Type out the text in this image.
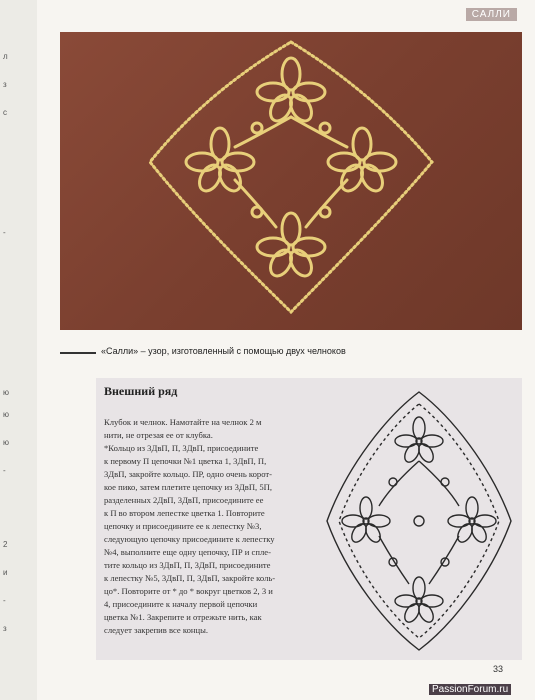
л
з
с
-
ю
ю
ю
-
2
и
-
з
САЛЛИ
«Салли» – узор, изготовленный с помощью двух челноков
Внешний ряд
Клубок и челнок. Намотайте на челнок 2 м
нити, не отрезая ее от клубка.
*Кольцо из 3ДвП, П, 3ДвП, присоедините
к первому П цепочки №1 цветка 1, 3ДвП, П,
3ДвП, закройте кольцо. ПР, одно очень корот-
кое пико, затем плетите цепочку из 3ДвП, 5П,
разделенных 2ДвП, 3ДвП, присоедините ее
к П во втором лепестке цветка 1. Повторите
цепочку и присоедините ее к лепестку №3,
следующую цепочку присоедините к лепестку
№4, выполните еще одну цепочку, ПР и спле-
тите кольцо из 3ДвП, П, 3ДвП, присоедините
к лепестку №5, 3ДвП, П, 3ДвП, закройте коль-
цо*. Повторите от * до * вокруг цветков 2, 3 и
4, присоедините к началу первой цепочки
цветка №1. Закрепите и отрежьте нить, как
следует закрепив все концы.
33
PassionForum.ru
